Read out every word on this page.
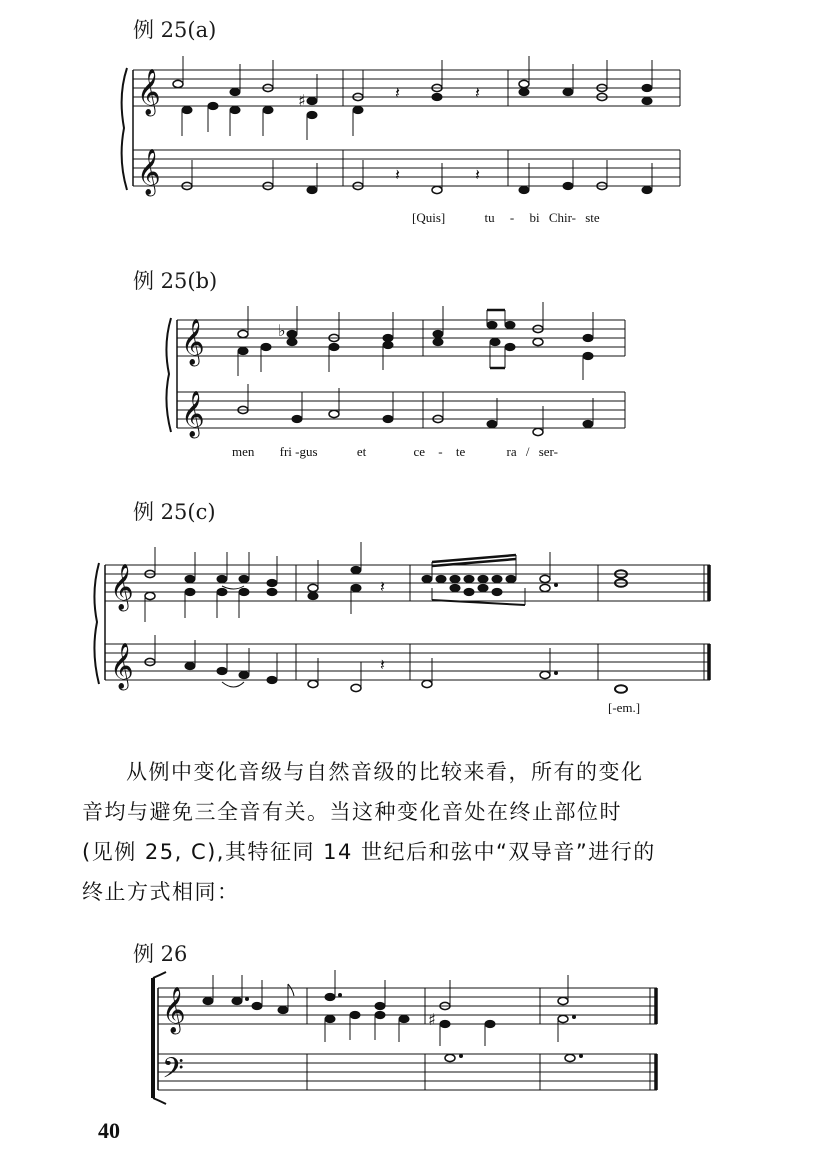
例 25(a)
例 25(b)
例 25(c)
例 26
𝄞
𝄞
♯	𝄽	𝄽
𝄽	𝄽
𝄞
𝄞
♭
𝄞
𝄞
𝄽
𝄽
𝄞
𝄢
♯
[Quis]	tu - bi Chir- ste
men fri -gus	et	ce - te	ra / ser-
[-em.]

从例中变化音级与自然音级的比较来看，所有的变化

音均与避免三全音有关。当这种变化音处在终止部位时

(见例 25, C),其特征同 14 世纪后和弦中“双导音”进行的

终止方式相同：

40
